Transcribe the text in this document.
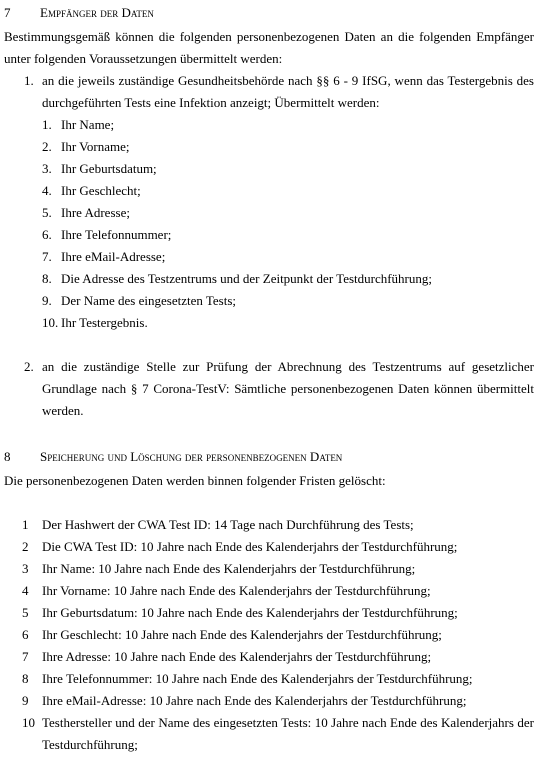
7	Empfänger der Daten

Bestimmungsgemäß können die folgenden personenbezogenen Daten an die folgenden Empfänger unter folgenden Voraussetzungen übermittelt werden:

1. an die jeweils zuständige Gesundheitsbehörde nach §§ 6 - 9 IfSG, wenn das Testergebnis des durchgeführten Tests eine Infektion anzeigt; Übermittelt werden:
1. Ihr Name;
2. Ihr Vorname;
3. Ihr Geburtsdatum;
4. Ihr Geschlecht;
5. Ihre Adresse;
6. Ihre Telefonnummer;
7. Ihre eMail-Adresse;
8. Die Adresse des Testzentrums und der Zeitpunkt der Testdurchführung;
9. Der Name des eingesetzten Tests;
10. Ihr Testergebnis.
2. an die zuständige Stelle zur Prüfung der Abrechnung des Testzentrums auf gesetzlicher Grundlage nach § 7 Corona-TestV: Sämtliche personenbezogenen Daten können übermittelt werden.
8	Speicherung und Löschung der personenbezogenen Daten

Die personenbezogenen Daten werden binnen folgender Fristen gelöscht:

1	Der Hashwert der CWA Test ID: 14 Tage nach Durchführung des Tests;
2	Die CWA Test ID: 10 Jahre nach Ende des Kalenderjahrs der Testdurchführung;
3	Ihr Name: 10 Jahre nach Ende des Kalenderjahrs der Testdurchführung;
4	Ihr Vorname: 10 Jahre nach Ende des Kalenderjahrs der Testdurchführung;
5	Ihr Geburtsdatum: 10 Jahre nach Ende des Kalenderjahrs der Testdurchführung;
6	Ihr Geschlecht: 10 Jahre nach Ende des Kalenderjahrs der Testdurchführung;
7	Ihre Adresse: 10 Jahre nach Ende des Kalenderjahrs der Testdurchführung;
8	Ihre Telefonnummer: 10 Jahre nach Ende des Kalenderjahrs der Testdurchführung;
9	Ihre eMail-Adresse: 10 Jahre nach Ende des Kalenderjahrs der Testdurchführung;
10 Testhersteller und der Name des eingesetzten Tests: 10 Jahre nach Ende des Kalenderjahrs der Testdurchführung;
